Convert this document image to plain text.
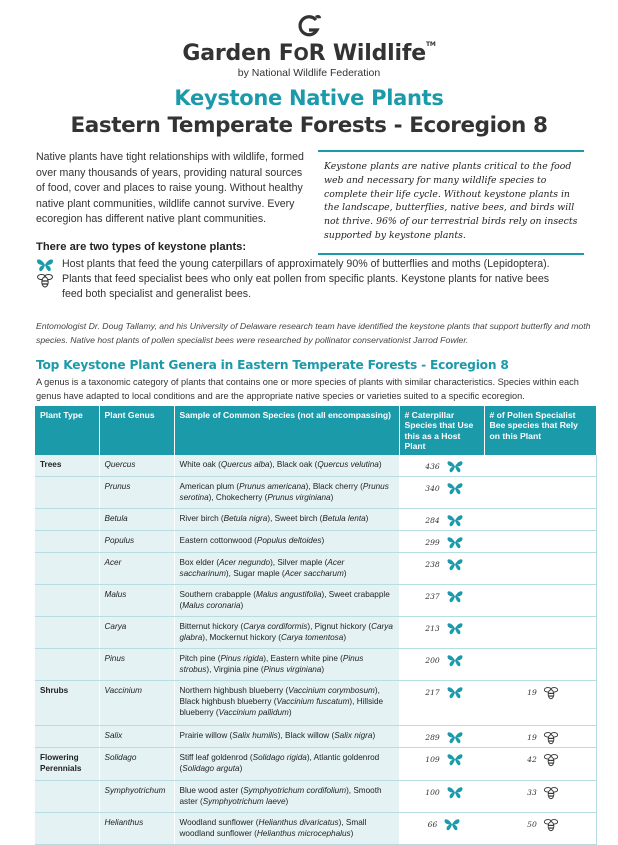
Garden FOR Wildlife™
by National Wildlife Federation
Keystone Native Plants
Eastern Temperate Forests - Ecoregion 8
Native plants have tight relationships with wildlife, formed over many thousands of years, providing natural sources of food, cover and places to raise young. Without healthy native plant communities, wildlife cannot survive. Every ecoregion has different native plant communities.
Keystone plants are native plants critical to the food web and necessary for many wildlife species to complete their life cycle. Without keystone plants in the landscape, butterflies, native bees, and birds will not thrive. 96% of our terrestrial birds rely on insects supported by keystone plants.
There are two types of keystone plants:
Host plants that feed the young caterpillars of approximately 90% of butterflies and moths (Lepidoptera).
Plants that feed specialist bees who only eat pollen from specific plants. Keystone plants for native bees
feed both specialist and generalist bees.
Entomologist Dr. Doug Tallamy, and his University of Delaware research team have identified the keystone plants that support butterfly and moth species. Native host plants of pollen specialist bees were researched by pollinator conservationist Jarrod Fowler.
Top Keystone Plant Genera in Eastern Temperate Forests - Ecoregion 8
A genus is a taxonomic category of plants that contains one or more species of plants with similar characteristics. Species within each genus have adapted to local conditions and are the appropriate native species or varieties suited to a specific ecoregion.
Plant Type	Plant Genus	Sample of Common Species (not all encompassing)	# Caterpillar Species that Use this as a Host Plant	# of Pollen Specialist Bee species that Rely on this Plant
Trees	Quercus	White oak (Quercus alba), Black oak (Quercus velutina)	436	

	Prunus	American plum (Prunus americana), Black cherry (Prunus serotina), Chokecherry (Prunus virginiana)	340	

	Betula	River birch (Betula nigra), Sweet birch (Betula lenta)	284	

	Populus	Eastern cottonwood (Populus deltoides)	299	

	Acer	Box elder (Acer negundo), Silver maple (Acer saccharinum), Sugar maple (Acer saccharum)	238	

	Malus	Southern crabapple (Malus angustifolia), Sweet crabapple (Malus coronaria)	237	

	Carya	Bitternut hickory (Carya cordiformis), Pignut hickory (Carya glabra), Mockernut hickory (Carya tomentosa)	213	

	Pinus	Pitch pine (Pinus rigida), Eastern white pine (Pinus strobus), Virginia pine (Pinus virginiana)	200	

Shrubs	Vaccinium	Northern highbush blueberry (Vaccinium corymbosum), Black highbush blueberry (Vaccinium fuscatum), Hillside blueberry (Vaccinium pallidum)	217	19

	Salix	Prairie willow (Salix humilis), Black willow (Salix nigra)	289	19

Flowering Perennials	Solidago	Stiff leaf goldenrod (Solidago rigida), Atlantic goldenrod (Solidago arguta)	109	42

	Symphyotrichum	Blue wood aster (Symphyotrichum cordifolium), Smooth aster (Symphyotrichum laeve)	100	33

	Helianthus	Woodland sunflower (Helianthus divaricatus), Small woodland sunflower (Helianthus microcephalus)	66	50
